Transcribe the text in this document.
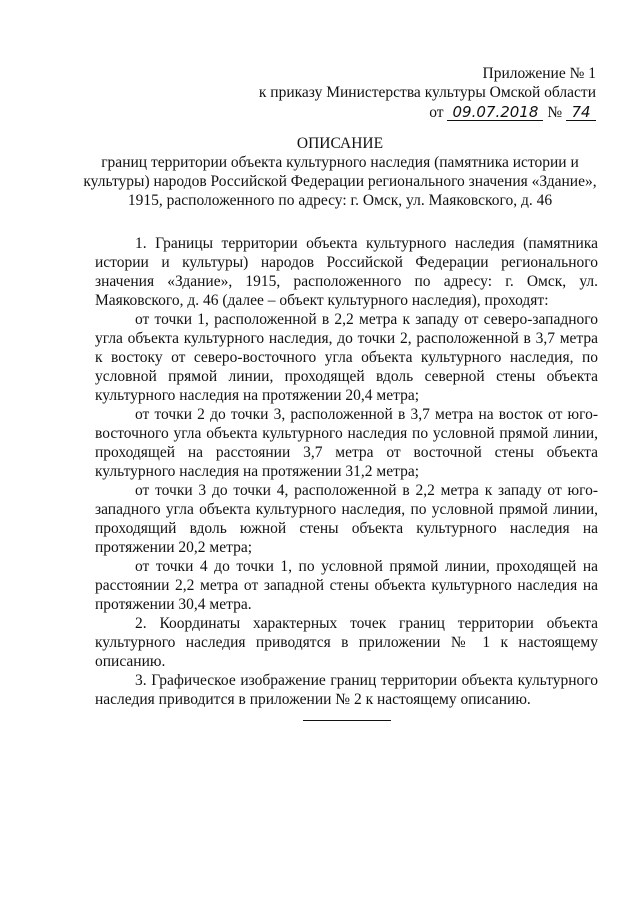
Приложение № 1
к приказу Министерства культуры Омской области
от 09.07.2018 № 74
ОПИСАНИЕ
границ территории объекта культурного наследия (памятника истории и культуры) народов Российской Федерации регионального значения «Здание», 1915, расположенного по адресу: г. Омск, ул. Маяковского, д. 46

1. Границы территории объекта культурного наследия (памятника истории и культуры) народов Российской Федерации регионального значения «Здание», 1915, расположенного по адресу: г. Омск, ул. Маяковского, д. 46 (далее – объект культурного наследия), проходят:

от точки 1, расположенной в 2,2 метра к западу от северо-западного угла объекта культурного наследия, до точки 2, расположенной в 3,7 метра к востоку от северо-восточного угла объекта культурного наследия, по условной прямой линии, проходящей вдоль северной стены объекта культурного наследия на протяжении 20,4 метра;

от точки 2 до точки 3, расположенной в 3,7 метра на восток от юго-восточного угла объекта культурного наследия по условной прямой линии, проходящей на расстоянии 3,7 метра от восточной стены объекта культурного наследия на протяжении 31,2 метра;

от точки 3 до точки 4, расположенной в 2,2 метра к западу от юго-западного угла объекта культурного наследия, по условной прямой линии, проходящий вдоль южной стены объекта культурного наследия на протяжении 20,2 метра;

от точки 4 до точки 1, по условной прямой линии, проходящей на расстоянии 2,2 метра от западной стены объекта культурного наследия на протяжении 30,4 метра.

2. Координаты характерных точек границ территории объекта культурного наследия приводятся в приложении № 1 к настоящему описанию.

3. Графическое изображение границ территории объекта культурного наследия приводится в приложении № 2 к настоящему описанию.
